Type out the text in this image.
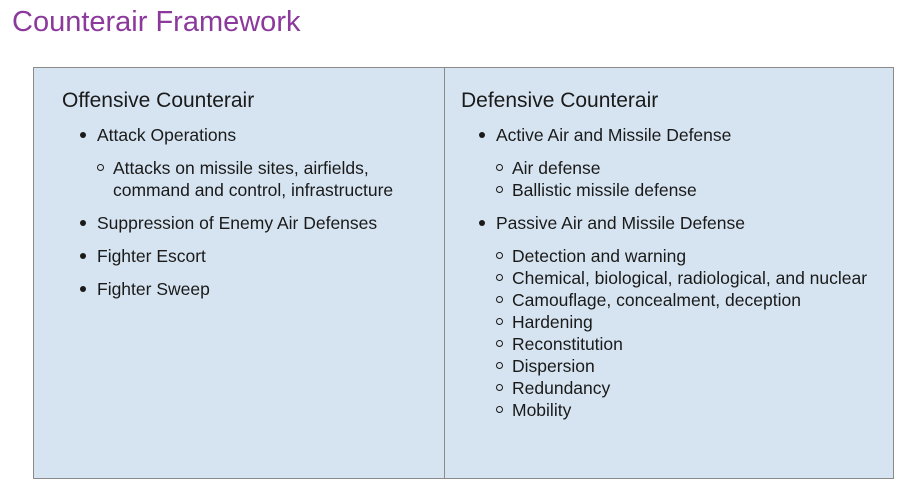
Counterair Framework
Offensive Counterair
Attack Operations
Attacks on missile sites, airfields, command and control, infrastructure
Suppression of Enemy Air Defenses
Fighter Escort
Fighter Sweep
Defensive Counterair
Active Air and Missile Defense
Air defense
Ballistic missile defense
Passive Air and Missile Defense
Detection and warning
Chemical, biological, radiological, and nuclear
Camouflage, concealment, deception
Hardening
Reconstitution
Dispersion
Redundancy
Mobility
